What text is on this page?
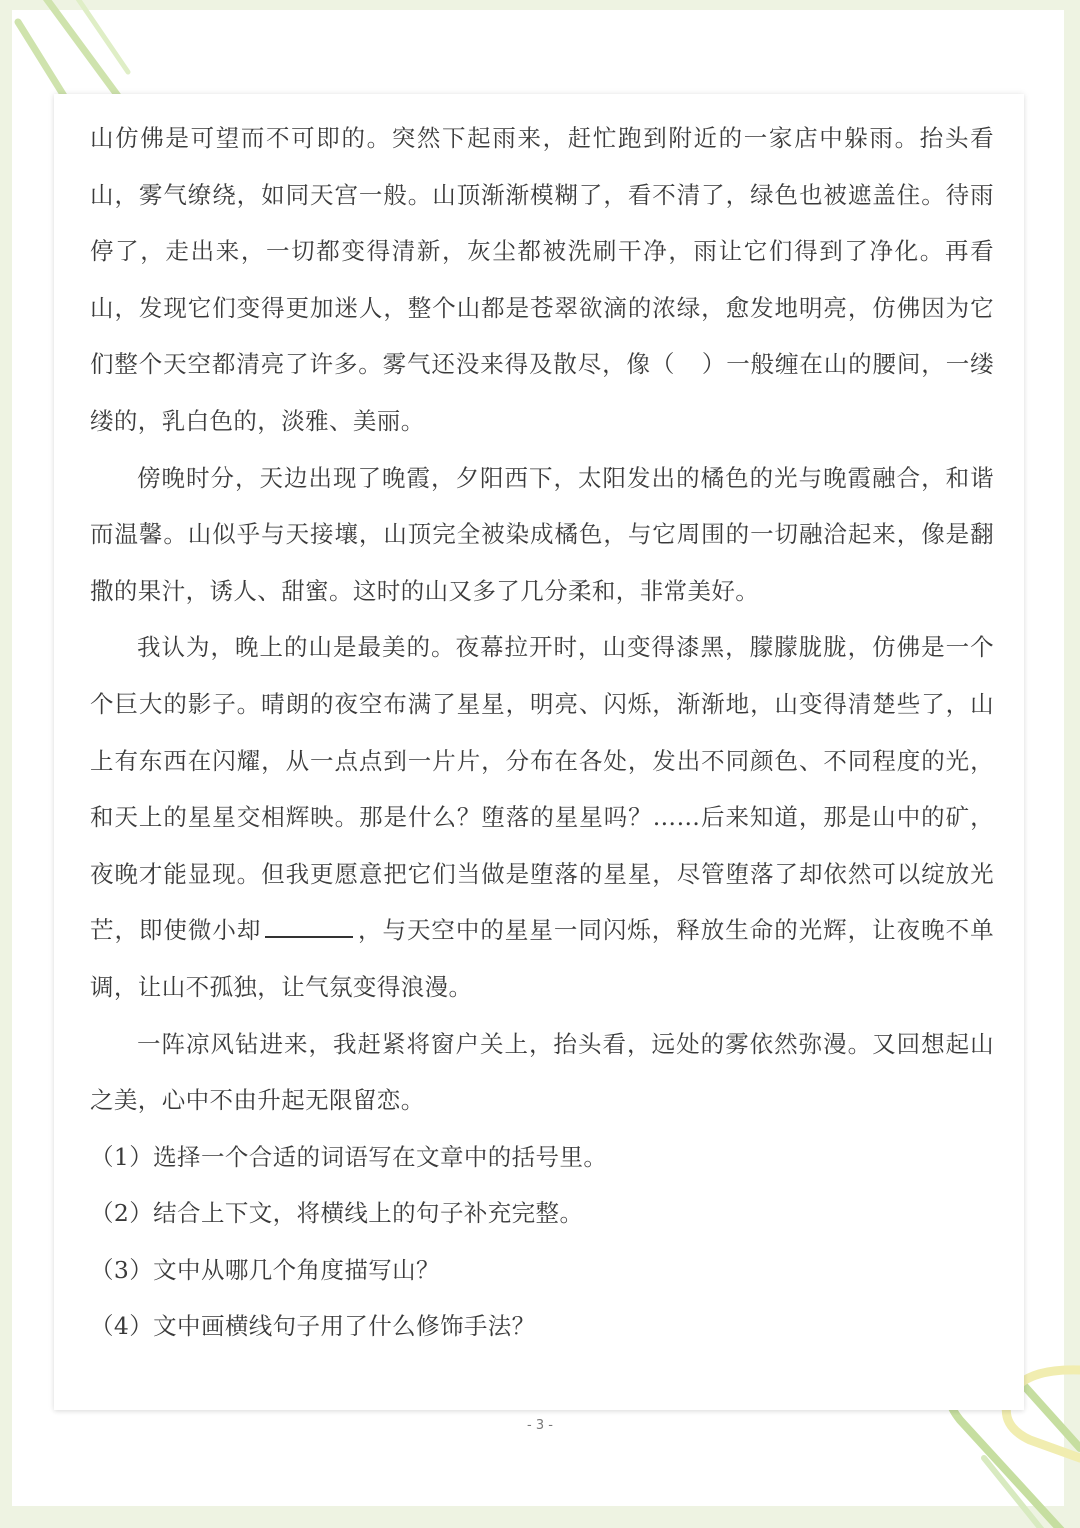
山仿佛是可望而不可即的。突然下起雨来，赶忙跑到附近的一家店中躲雨。抬头看山，雾气缭绕，如同天宫一般。山顶渐渐模糊了，看不清了，绿色也被遮盖住。待雨停了，走出来，一切都变得清新，灰尘都被洗刷干净，雨让它们得到了净化。再看山，发现它们变得更加迷人，整个山都是苍翠欲滴的浓绿，愈发地明亮，仿佛因为它们整个天空都清亮了许多。雾气还没来得及散尽，像（ ）一般缠在山的腰间，一缕缕的，乳白色的，淡雅、美丽。

傍晚时分，天边出现了晚霞，夕阳西下，太阳发出的橘色的光与晚霞融合，和谐而温馨。山似乎与天接壤，山顶完全被染成橘色，与它周围的一切融洽起来，像是翻撒的果汁，诱人、甜蜜。这时的山又多了几分柔和，非常美好。

我认为，晚上的山是最美的。夜幕拉开时，山变得漆黑，朦朦胧胧，仿佛是一个个巨大的影子。晴朗的夜空布满了星星，明亮、闪烁，渐渐地，山变得清楚些了，山上有东西在闪耀，从一点点到一片片，分布在各处，发出不同颜色、不同程度的光，和天上的星星交相辉映。那是什么？堕落的星星吗？……后来知道，那是山中的矿，夜晚才能显现。但我更愿意把它们当做是堕落的星星，尽管堕落了却依然可以绽放光芒，即使微小却	，与天空中的星星一同闪烁，释放生命的光辉，让夜晚不单调，让山不孤独，让气氛变得浪漫。

一阵凉风钻进来，我赶紧将窗户关上，抬头看，远处的雾依然弥漫。又回想起山之美，心中不由升起无限留恋。

（1）选择一个合适的词语写在文章中的括号里。

（2）结合上下文，将横线上的句子补充完整。

（3）文中从哪几个角度描写山？

（4）文中画横线句子用了什么修饰手法？

- 3 -
